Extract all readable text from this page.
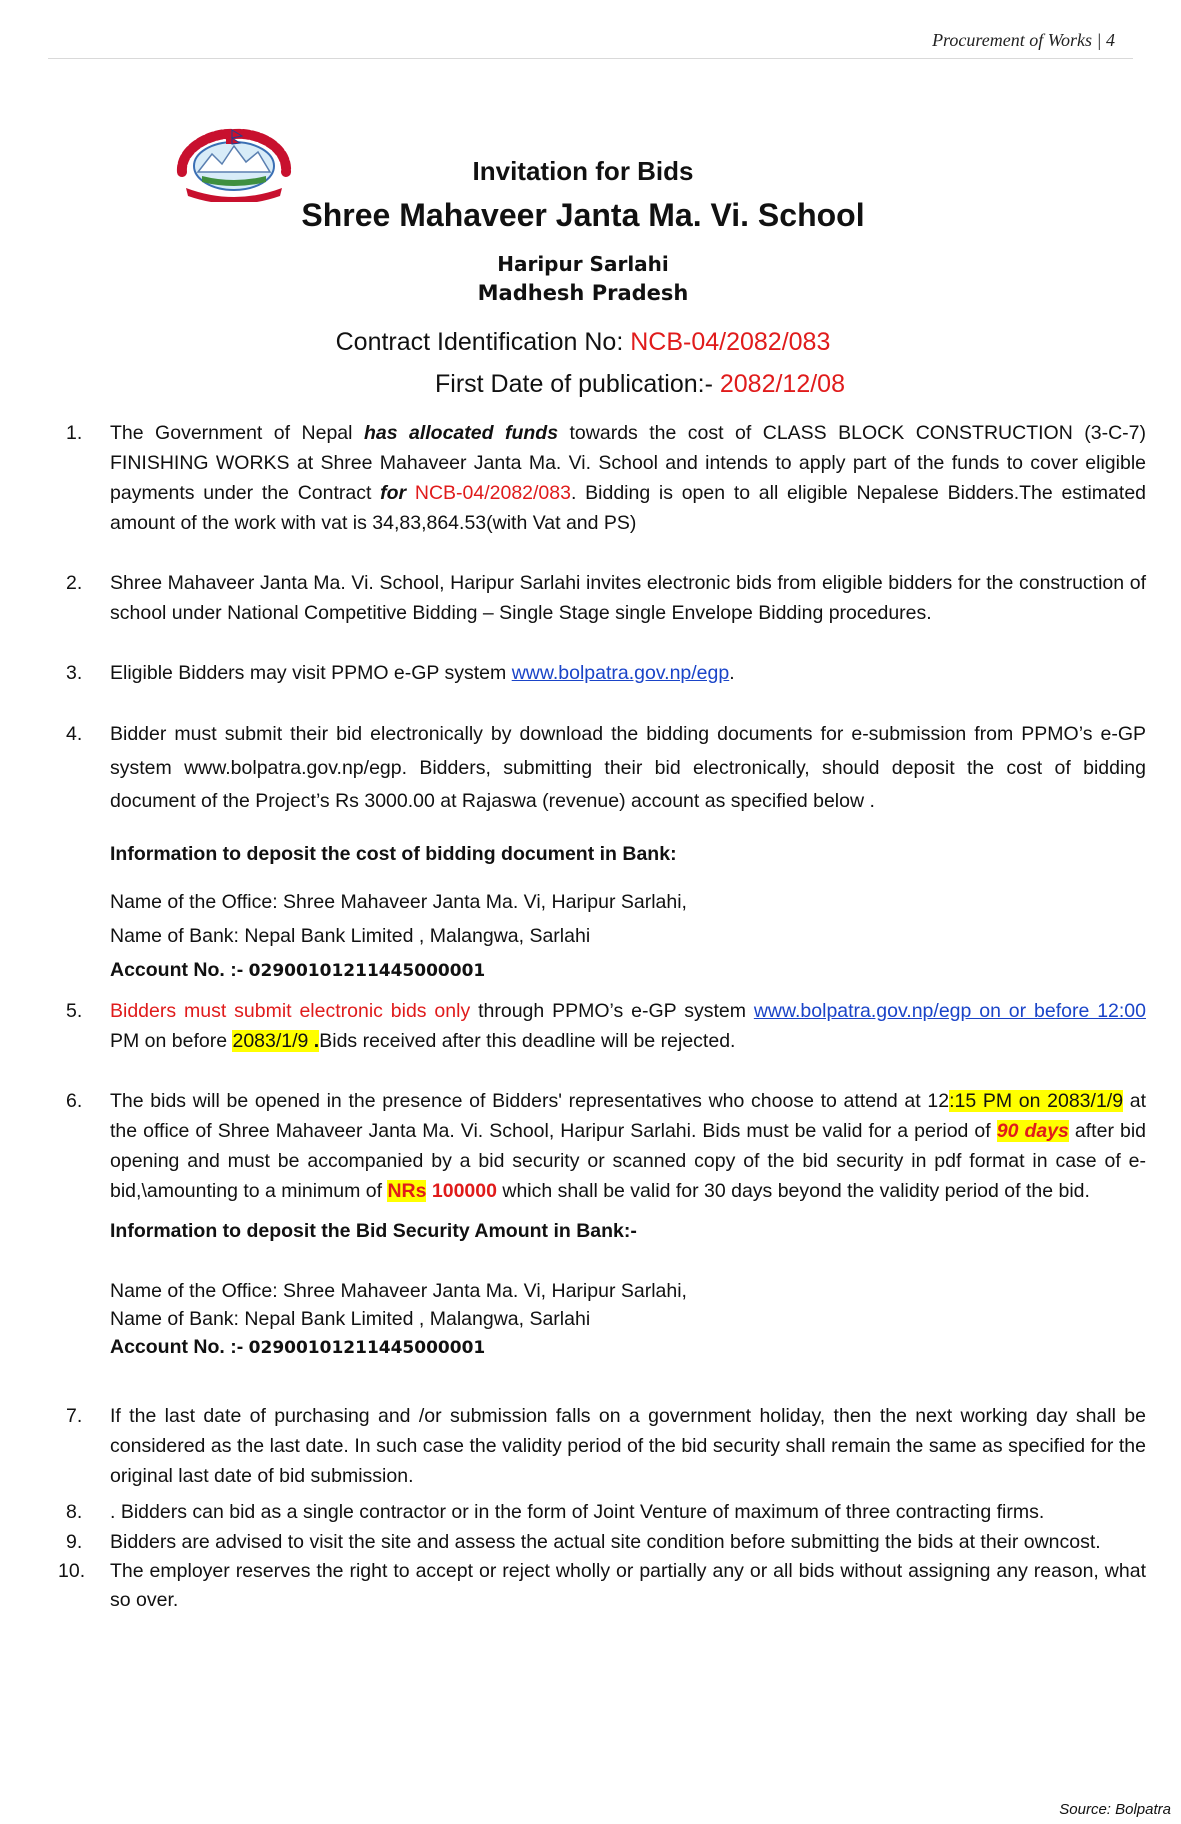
Procurement of Works | 4
Invitation for Bids
Shree Mahaveer Janta Ma. Vi. School
Haripur Sarlahi
Madhesh Pradesh
Contract Identification No: NCB-04/2082/083
First Date of publication:- 2082/12/08
1. The Government of Nepal has allocated funds towards the cost of CLASS BLOCK CONSTRUCTION (3-C-7) FINISHING WORKS at Shree Mahaveer Janta Ma. Vi. School and intends to apply part of the funds to cover eligible payments under the Contract for NCB-04/2082/083. Bidding is open to all eligible Nepalese Bidders.The estimated amount of the work with vat is 34,83,864.53(with Vat and PS)
2. Shree Mahaveer Janta Ma. Vi. School, Haripur Sarlahi invites electronic bids from eligible bidders for the construction of school under National Competitive Bidding – Single Stage single Envelope Bidding procedures.
3. Eligible Bidders may visit PPMO e-GP system www.bolpatra.gov.np/egp.
4. Bidder must submit their bid electronically by download the bidding documents for e-submission from PPMO’s e-GP system www.bolpatra.gov.np/egp. Bidders, submitting their bid electronically, should deposit the cost of bidding document of the Project’s Rs 3000.00 at Rajaswa (revenue) account as specified below .
Information to deposit the cost of bidding document in Bank:
Name of the Office: Shree Mahaveer Janta Ma. Vi, Haripur Sarlahi,
Name of Bank: Nepal Bank Limited , Malangwa, Sarlahi
Account No. :- 02900101211445000001
5. Bidders must submit electronic bids only through PPMO’s e-GP system www.bolpatra.gov.np/egp on or before 12:00 PM on before 2083/1/9 .Bids received after this deadline will be rejected.
6. The bids will be opened in the presence of Bidders' representatives who choose to attend at 12:15 PM on 2083/1/9 at the office of Shree Mahaveer Janta Ma. Vi. School, Haripur Sarlahi. Bids must be valid for a period of 90 days after bid opening and must be accompanied by a bid security or scanned copy of the bid security in pdf format in case of e-bid,\amounting to a minimum of NRs 100000 which shall be valid for 30 days beyond the validity period of the bid.
Information to deposit the Bid Security Amount in Bank:-
Name of the Office: Shree Mahaveer Janta Ma. Vi, Haripur Sarlahi,
Name of Bank: Nepal Bank Limited , Malangwa, Sarlahi
Account No. :- 02900101211445000001
7. If the last date of purchasing and /or submission falls on a government holiday, then the next working day shall be considered as the last date. In such case the validity period of the bid security shall remain the same as specified for the original last date of bid submission.
8. . Bidders can bid as a single contractor or in the form of Joint Venture of maximum of three contracting firms.
9. Bidders are advised to visit the site and assess the actual site condition before submitting the bids at their owncost.
10. The employer reserves the right to accept or reject wholly or partially any or all bids without assigning any reason, what so over.
Source: Bolpatra
